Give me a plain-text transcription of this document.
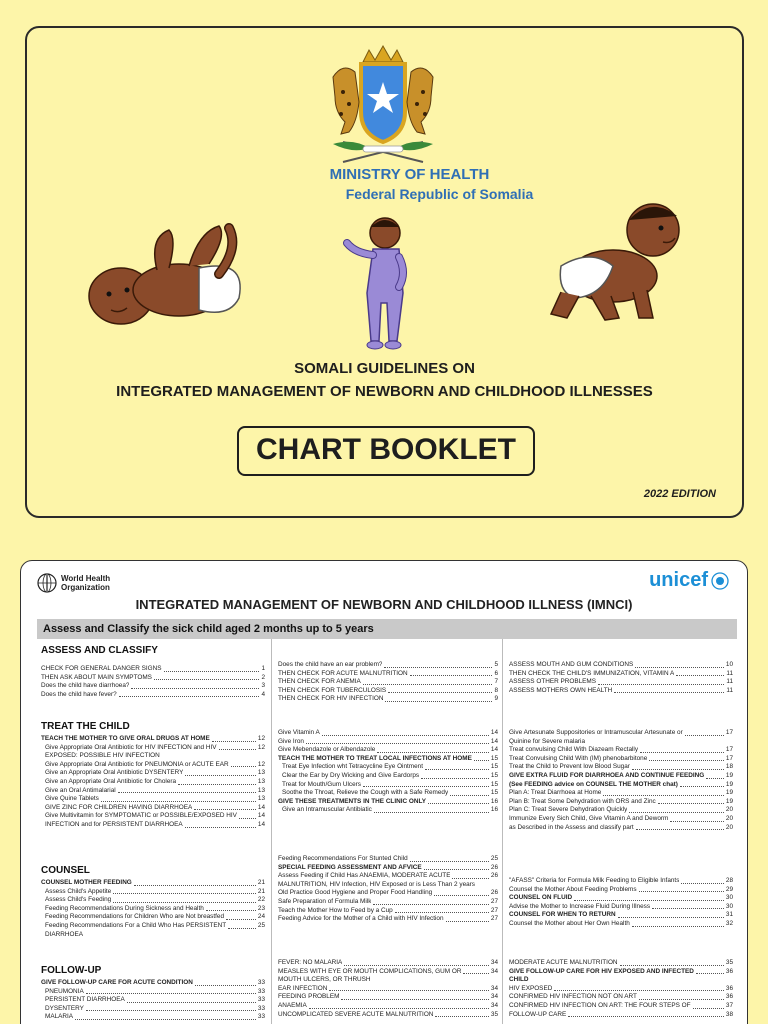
MINISTRY OF HEALTH
Federal Republic of Somalia
SOMALI GUIDELINES ON
INTEGRATED MANAGEMENT OF NEWBORN AND CHILDHOOD ILLNESSES
CHART BOOKLET
2022 EDITION
World Health
Organization	unicef
INTEGRATED MANAGEMENT OF NEWBORN AND CHILDHOOD ILLNESS (IMNCI)
Assess and Classify the sick child aged 2 months up to 5 years
ASSESS AND CLASSIFY
CHECK FOR GENERAL DANGER SIGNS	1
THEN ASK ABOUT MAIN SYMPTOMS	2
Does the child have diarrhoea?	3
Does the child have fever?	4
TREAT THE CHILD
TEACH THE MOTHER TO GIVE ORAL DRUGS AT HOME	12
Give Appropriate Oral Antibiotic for HIV INFECTION and HIV	12
EXPOSED: POSSIBLE HIV INFECTION
Give Appropriate Oral Antibiotic for PNEUMONIA or ACUTE EAR	12
Give an Appropriate Oral Antibiotic DYSENTERY	13
Give an Appropriate Oral Antibiotic for Cholera	13
Give an Oral Antimalarial	13
Give Quine Tablets	13
GIVE ZINC FOR CHILDREN HAVING DIARRHOEA	14
Give Multivitamin for SYMPTOMATIC or POSSIBLE/EXPOSED HIV	14
INFECTION and for PERSISTENT DIARRHOEA	14
COUNSEL
COUNSEL MOTHER FEEDING	21
Assess Child's Appetite	21
Assess Child's Feeding	22
Feeding Recommendations During Sickness and Health	23
Feeding Recommendations for Children Who are Not breastfed	24
Feeding Recommendations For a Child Who Has PERSISTENT	25
DIARRHOEA
FOLLOW-UP
GIVE FOLLOW-UP CARE FOR ACUTE CONDITION	33
PNEUMONIA	33
PERSISTENT DIARRHOEA	33
DYSENTERY	33
MALARIA	33
Does the child have an ear problem?	5
THEN CHECK FOR ACUTE MALNUTRITION	6
THEN CHECK FOR ANEMIA	7
THEN CHECK FOR TUBERCULOSIS	8
THEN CHECK FOR HIV INFECTION	9
Give Vitamin A	14
Give Iron	14
Give Mebendazole or Albendazole	14
TEACH THE MOTHER TO TREAT LOCAL INFECTIONS AT HOME	15
Treat Eye Infection wht Tetracycline Eye Ointment	15
Clear the Ear by Dry Wicking and Give Eardorps	15
Treat for Mouth/Gum Ulcers	15
Soothe the Throat, Relieve the Cough with a Safe Remedy	15
GIVE THESE TREATMENTS IN THE CLINIC ONLY	16
Give an Intramuscular Antibiatic	16
Feeding Recommendations For Stunted Child	25
SPECIAL FEEDING ASSESSMENT AND AFVICE	26
Assess Feeding if Child Has ANAEMIA, MODERATE ACUTE	26
MALNUTRITION, HIV Infection, HIV Exposed or is Less Than 2 years
Old Practice Good Hygiene and Proper Food Handling	26
Safe Preparation of Formula Milk	27
Teach the Mother How to Feed by a Cup	27
Feeding Advice for the Mother of a Child with HIV Infection	27
FEVER: NO MALARIA	34
MEASLES WITH EYE OR MOUTH COMPLICATIONS, GUM OR	34
MOUTH ULCERS, OR THRUSH
EAR INFECTION	34
FEEDING PROBLEM	34
ANAEMIA	34
UNCOMPLICATED SEVERE ACUTE MALNUTRITION	35
ASSESS MOUTH AND GUM CONDITIONS	10
THEN CHECK THE CHILD'S IMMUNIZATION, VITAMIN A	11
ASSESS OTHER PROBLEMS	11
ASSESS MOTHERS OWN HEALTH	11
Give Artesunate Suppositories or Intramuscular Artesunate or	17
Quinine for Severe malaria
Treat convulsing Child With Diazeam Rectally	17
Treat Convulsing Child With (IM) phenobarbitone	17
Treat the Child to Prevent low Blood Sugar	18
GIVE EXTRA FLUID FOR DIARRHOEA AND CONTINUE FEEDING	19
(See FEEDING advice on COUNSEL THE MOTHER chat)	19
Plan A: Treat Diarrhoea at Home	19
Plan B: Treat Some Dehydration with ORS and Zinc	19
Plan C: Treat Severe Dehydration Quickly	20
Immunize Every Sich Child, Give Vitamin A and Deworm	20
as Described in the Assess and classify part	20
"AFASS" Criteria for Formula Milk Feeding to Eligible Infants	28
Counsel the Mother About Feeding Problems	29
COUNSEL ON FLUID	30
Advise the Mother to Increase Fluid During Illness	30
COUNSEL FOR WHEN TO RETURN	31
Counsel the Mother about Her Own Health	32
MODERATE ACUTE MALNUTRITION	35
GIVE FOLLOW-UP CARE FOR HIV EXPOSED AND INFECTED	36
CHILD
HIV EXPOSED	36
CONFIRMED HIV INFECTION NOT ON ART	36
CONFIRMED HIV INFECTION ON ART: THE FOUR STEPS OF	37
FOLLOW-UP CARE	38
